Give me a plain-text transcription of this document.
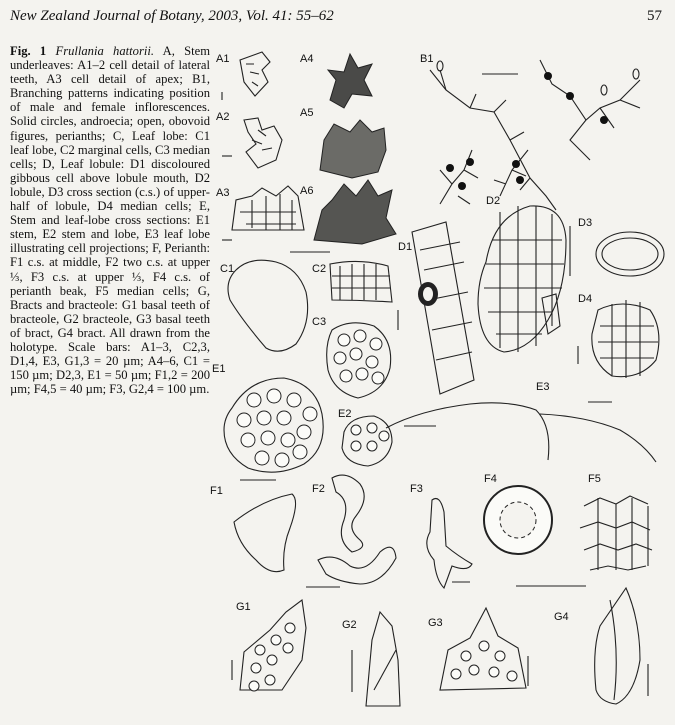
New Zealand Journal of Botany, 2003, Vol. 41: 55–62	57
Fig. 1 Frullania hattorii. A, Stem underleaves: A1–2 cell detail of lateral teeth, A3 cell detail of apex; B1, Branching patterns indicating position of male and female inflorescences. Solid circles, androecia; open, obovoid figures, perianths; C, Leaf lobe: C1 leaf lobe, C2 marginal cells, C3 median cells; D, Leaf lobule: D1 discoloured gibbous cell above lobule mouth, D2 lobule, D3 cross section (c.s.) of upper-half of lobule, D4 median cells; E, Stem and leaf-lobe cross sections: E1 stem, E2 stem and lobe, E3 leaf lobe illustrating cell projections; F, Perianth: F1 c.s. at middle, F2 two c.s. at upper ⅓, F3 c.s. at upper ⅓, F4 c.s. of perianth beak, F5 median cells; G, Bracts and bracteole: G1 basal teeth of bracteole, G2 bracteole, G3 basal teeth of bract, G4 bract. All drawn from the holotype. Scale bars: A1–3, C2,3, D1,4, E3, G1,3 = 20 µm; A4–6, C1 = 150 µm; D2,3, E1 = 50 µm; F1,2 = 200 µm; F4,5 = 40 µm; F3, G2,4 = 100 µm.
A1	A4
A2	A5
A3	A6
B1
C1	C2
C3
D1
D2
D3
D4
E1
E2
E3
F1	F2	F3
F4	F5
G1
G2	G3	G4
